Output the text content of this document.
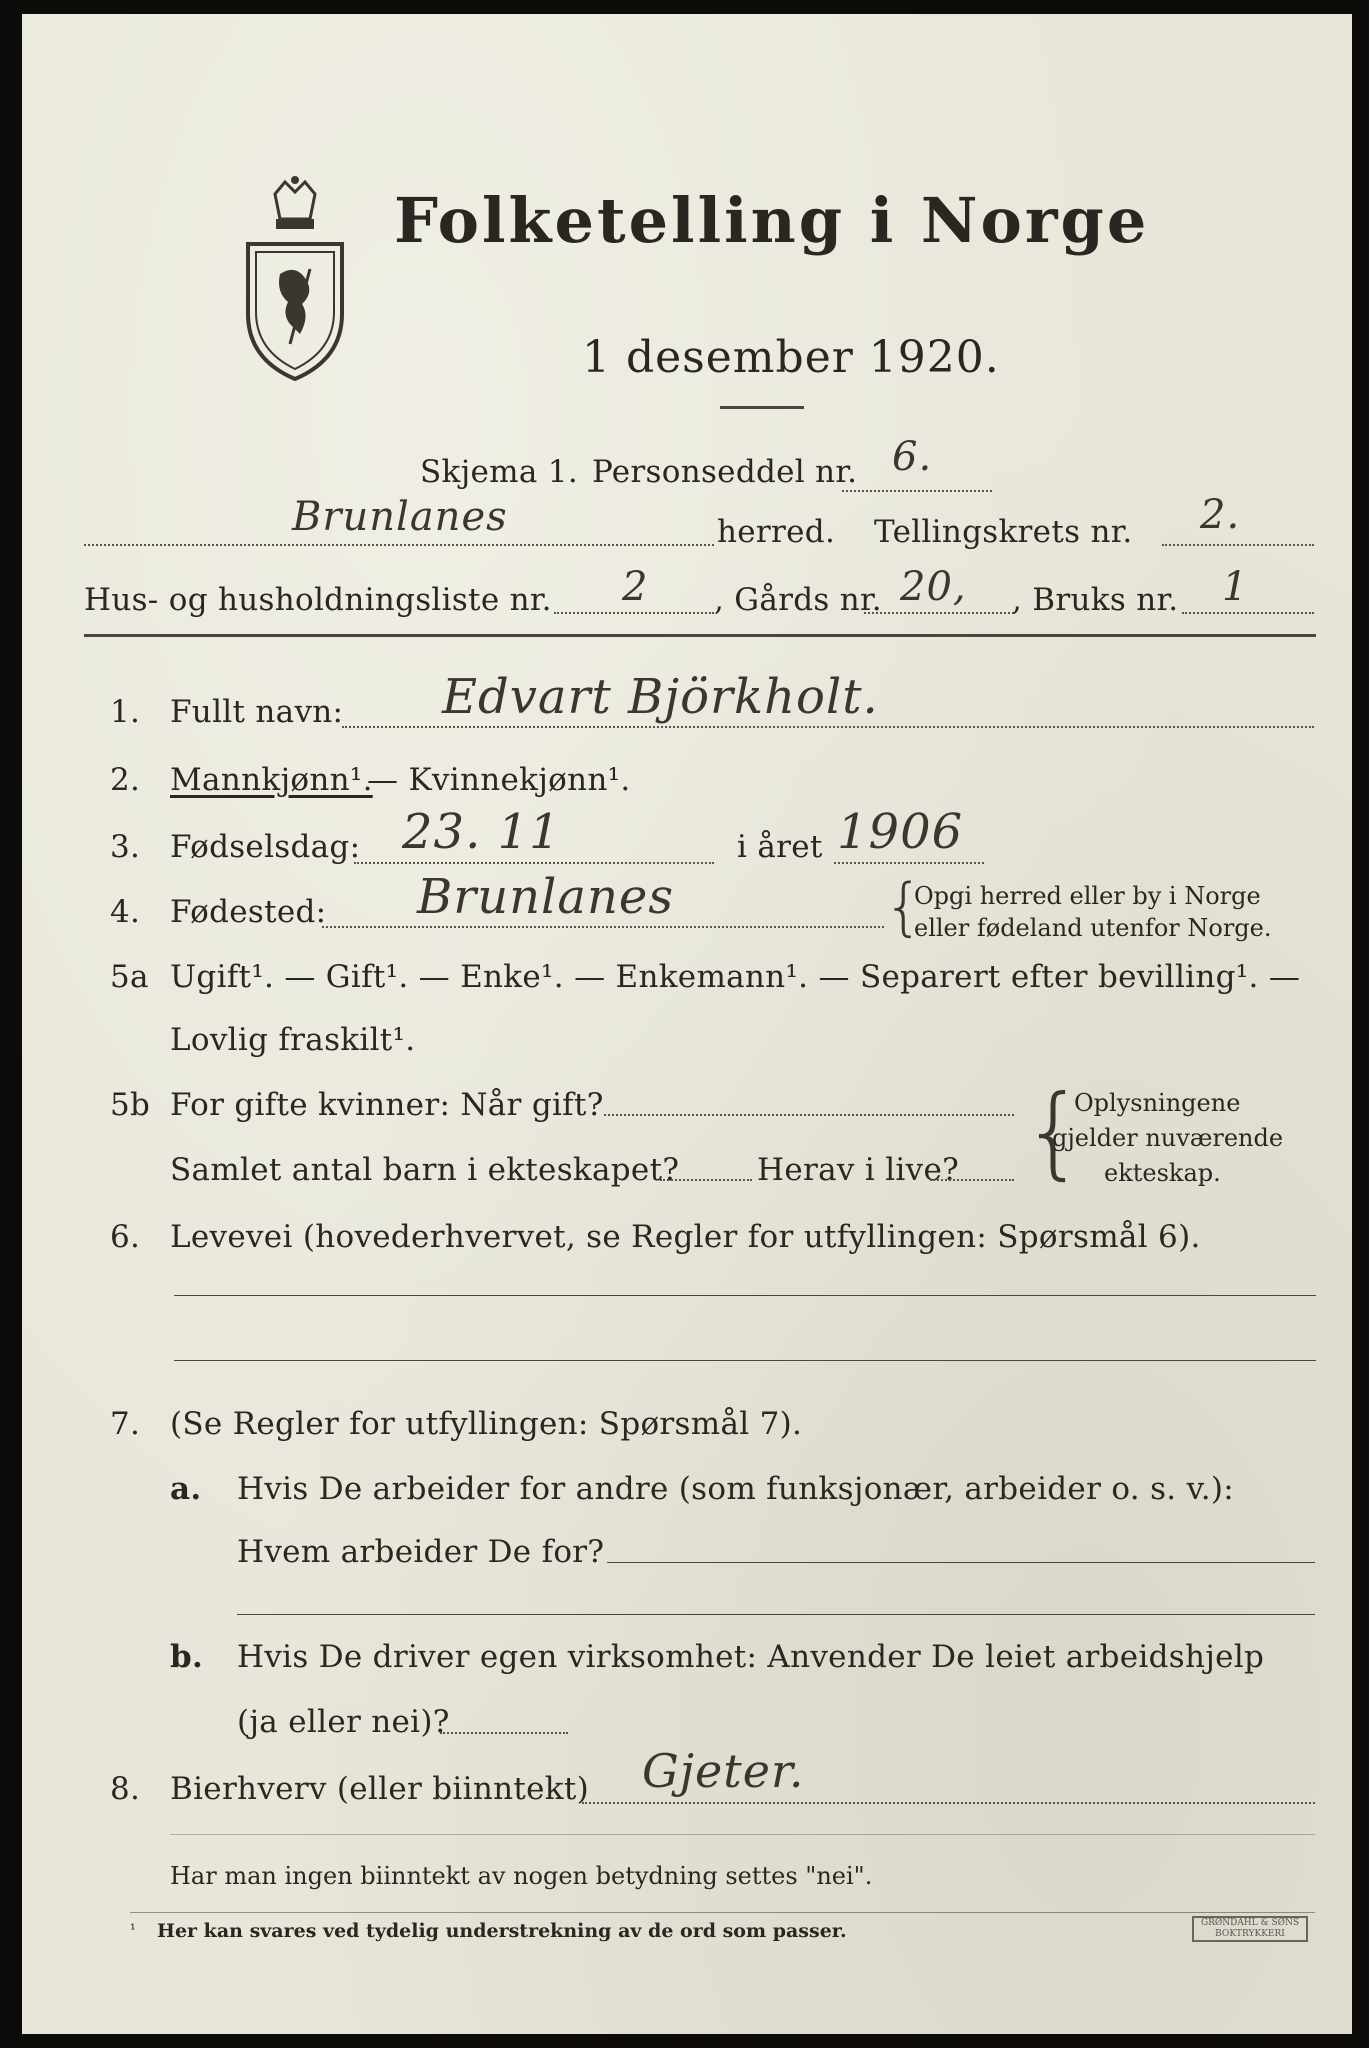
Folketelling i Norge
1 desember 1920.
Skjema 1. Personseddel nr. 6.
Brunlanes	herred. Tellingskrets nr. 2.
Hus- og husholdningsliste nr. 2 , Gårds nr. 20, , Bruks nr. 1
1. Fullt navn: Edvart Björkholt.
2. Mannkjønn¹.
— Kvinnekjønn¹.
3. Fødselsdag: 23. 11	i året 1906
4. Fødested: Brunlanes	{
Opgi herred eller by i Norge
eller fødeland utenfor Norge.
5a Ugift¹. — Gift¹. — Enke¹. — Enkemann¹. — Separert efter bevilling¹. —
Lovlig fraskilt¹.
5b For gifte kvinner: Når gift?
Samlet antal barn i ekteskapet?	Herav i live? {
Oplysningene
gjelder nuværende
ekteskap.
6. Levevei (hovederhvervet, se Regler for utfyllingen: Spørsmål 6).
7. (Se Regler for utfyllingen: Spørsmål 7).
a. Hvis De arbeider for andre (som funksjonær, arbeider o. s. v.):
Hvem arbeider De for?
b. Hvis De driver egen virksomhet: Anvender De leiet arbeidshjelp
(ja eller nei)?
8. Bierhverv (eller biinntekt) Gjeter.
Har man ingen biinntekt av nogen betydning settes "nei".
¹ Her kan svares ved tydelig understrekning av de ord som passer.	GRØNDAHL & SØNS BOKTRYKKERI
